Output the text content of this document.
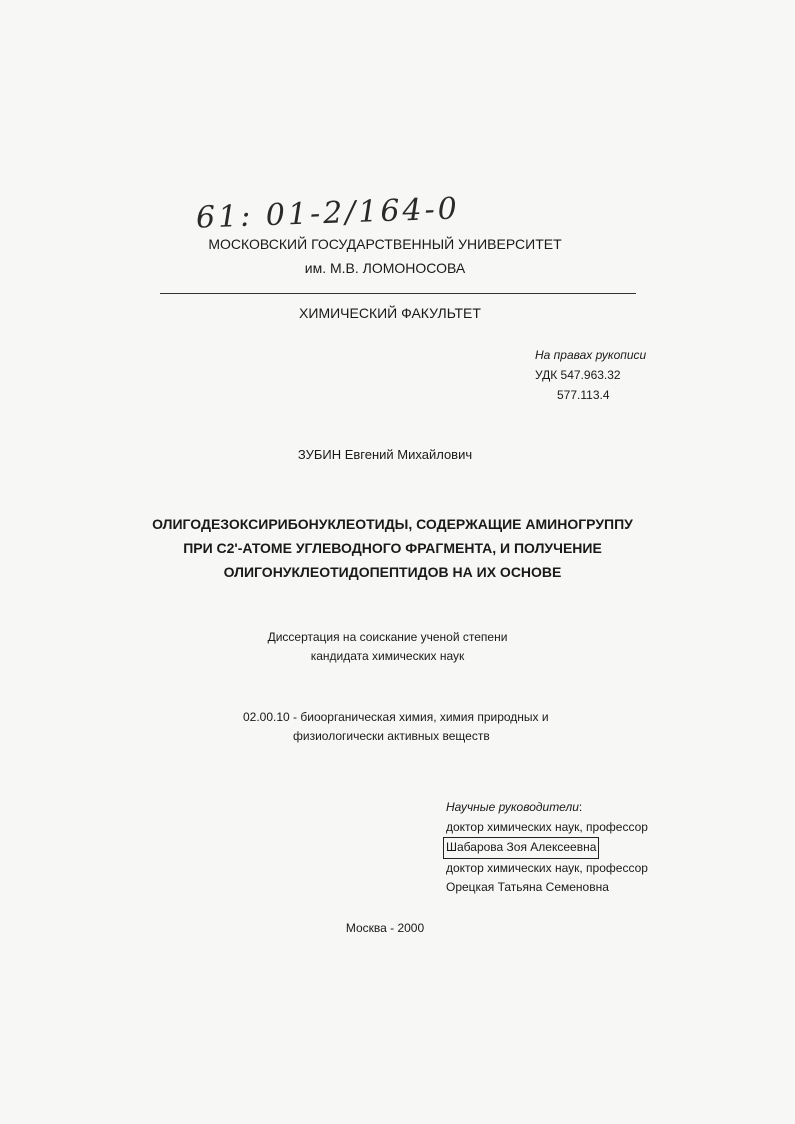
61: 01-2/164-0
МОСКОВСКИЙ ГОСУДАРСТВЕННЫЙ УНИВЕРСИТЕТ
им. М.В. ЛОМОНОСОВА
ХИМИЧЕСКИЙ ФАКУЛЬТЕТ
На правах рукописи
УДК 547.963.32
577.113.4
ЗУБИН Евгений Михайлович
ОЛИГОДЕЗОКСИРИБОНУКЛЕОТИДЫ, СОДЕРЖАЩИЕ АМИНОГРУППУ
ПРИ C2'-АТОМЕ УГЛЕВОДНОГО ФРАГМЕНТА, И ПОЛУЧЕНИЕ
ОЛИГОНУКЛЕОТИДОПЕПТИДОВ НА ИХ ОСНОВЕ
Диссертация на соискание ученой степени
кандидата химических наук
02.00.10 - биоорганическая химия, химия природных и
физиологически активных веществ
Научные руководители:
доктор химических наук, профессор
Шабарова Зоя Алексеевна
доктор химических наук, профессор
Орецкая Татьяна Семеновна
Москва - 2000
